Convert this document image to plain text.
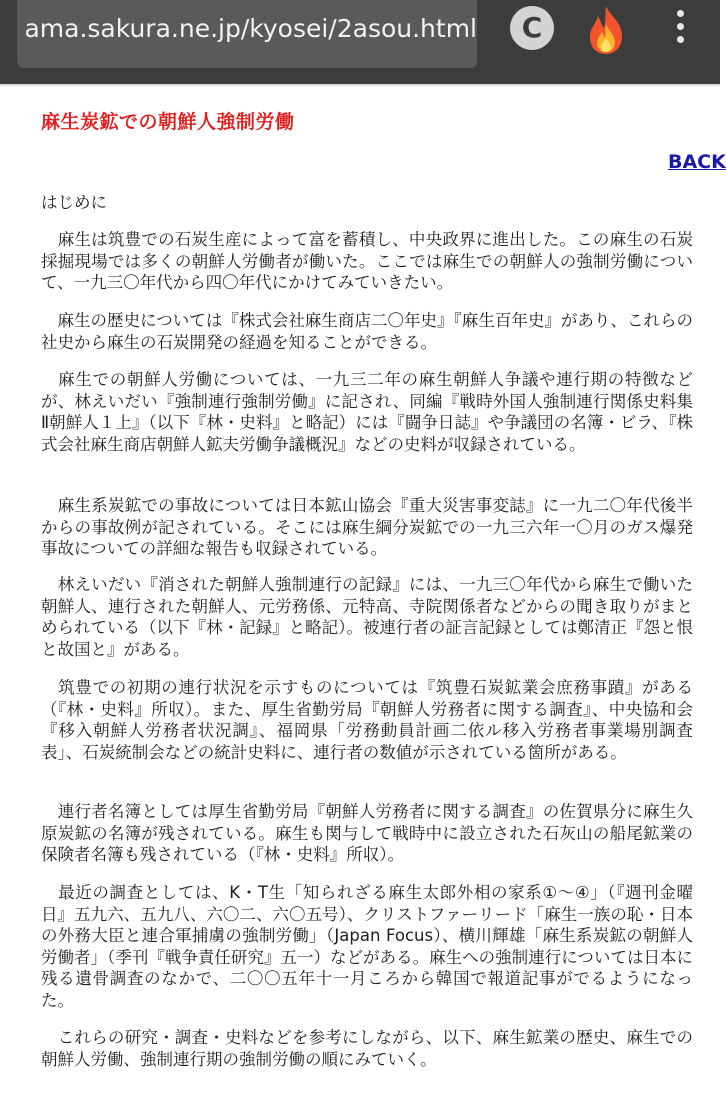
ama.sakura.ne.jp/kyosei/2asou.html	C
麻生炭鉱での朝鮮人強制労働
BACK
はじめに

　麻生は筑豊での石炭生産によって富を蓄積し、中央政界に進出した。この麻生の石炭採掘現場では多くの朝鮮人労働者が働いた。ここでは麻生での朝鮮人の強制労働について、一九三〇年代から四〇年代にかけてみていきたい。

　麻生の歴史については『株式会社麻生商店二〇年史』『麻生百年史』があり、これらの社史から麻生の石炭開発の経過を知ることができる。

　麻生での朝鮮人労働については、一九三二年の麻生朝鮮人争議や連行期の特徴などが、林えいだい『強制連行強制労働』に記され、同編『戦時外国人強制連行関係史料集Ⅱ朝鮮人１上』（以下『林・史料』と略記）には『闘争日誌』や争議団の名簿・ビラ、『株式会社麻生商店朝鮮人鉱夫労働争議概況』などの史料が収録されている。

　麻生系炭鉱での事故については日本鉱山協会『重大災害事変誌』に一九二〇年代後半からの事故例が記されている。そこには麻生綱分炭鉱での一九三六年一〇月のガス爆発事故についての詳細な報告も収録されている。

　林えいだい『消された朝鮮人強制連行の記録』には、一九三〇年代から麻生で働いた朝鮮人、連行された朝鮮人、元労務係、元特高、寺院関係者などからの聞き取りがまとめられている（以下『林・記録』と略記）。被連行者の証言記録としては鄭清正『怨と恨と故国と』がある。

　筑豊での初期の連行状況を示すものについては『筑豊石炭鉱業会庶務事蹟』がある（『林・史料』所収）。また、厚生省勤労局『朝鮮人労務者に関する調査』、中央協和会『移入朝鮮人労務者状況調』、福岡県「労務動員計画二依ル移入労務者事業場別調査表」、石炭統制会などの統計史料に、連行者の数値が示されている箇所がある。

　連行者名簿としては厚生省勤労局『朝鮮人労務者に関する調査』の佐賀県分に麻生久原炭鉱の名簿が残されている。麻生も関与して戦時中に設立された石灰山の船尾鉱業の保険者名簿も残されている（『林・史料』所収）。

　最近の調査としては、K・T生「知られざる麻生太郎外相の家系①～④」（『週刊金曜日』五九六、五九八、六〇二、六〇五号）、クリストファーリード「麻生一族の恥・日本の外務大臣と連合軍捕虜の強制労働」（Japan Focus）、横川輝雄「麻生系炭鉱の朝鮮人労働者」（季刊『戦争責任研究』五一）などがある。麻生への強制連行については日本に残る遺骨調査のなかで、二〇〇五年十一月ころから韓国で報道記事がでるようになった。

　これらの研究・調査・史料などを参考にしながら、以下、麻生鉱業の歴史、麻生での朝鮮人労働、強制連行期の強制労働の順にみていく。
